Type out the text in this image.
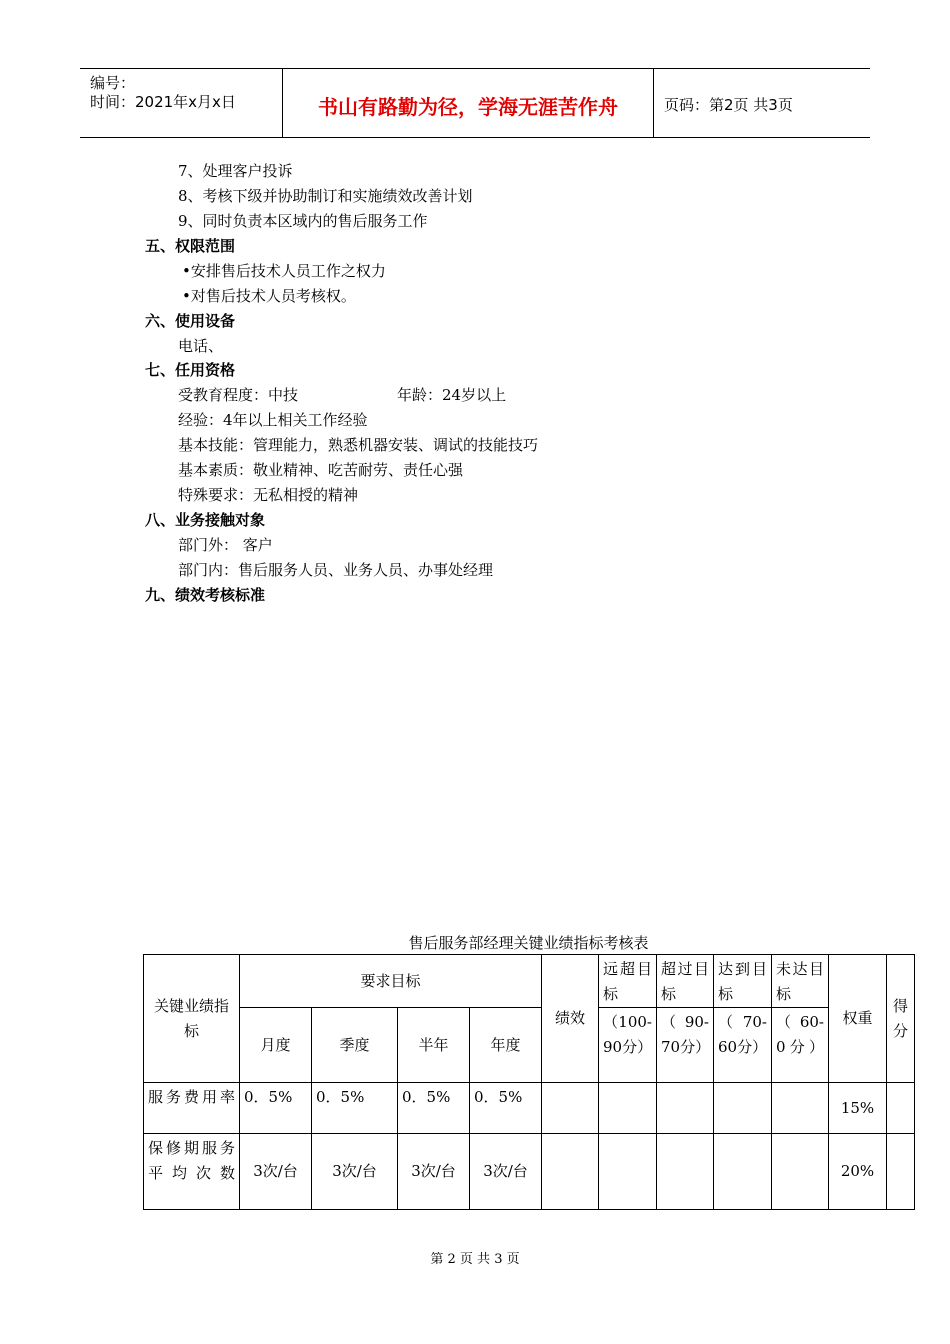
编号：
时间：2021年x月x日	书山有路勤为径，学海无涯苦作舟	页码：第2页 共3页
7、处理客户投诉
8、考核下级并协助制订和实施绩效改善计划
9、同时负责本区域内的售后服务工作
五、权限范围
•安排售后技术人员工作之权力
•对售后技术人员考核权。
六、使用设备
电话、
七、任用资格
受教育程度：中技	年龄：24岁以上
经验：4年以上相关工作经验
基本技能：管理能力，熟悉机器安装、调试的技能技巧
基本素质：敬业精神、吃苦耐劳、责任心强
特殊要求：无私相授的精神
八、业务接触对象
部门外： 客户
部门内：售后服务人员、业务人员、办事处经理
九、绩效考核标准
售后服务部经理关键业绩指标考核表
关键业绩指标	要求目标				绩效	远超目标	超过目标	达到目标	未达目标	权重	得分
	月度	季度	半年	年度		（100-90分）	（90-70分）	（70-60分）	（60-0分）		
服务费用率	0．5%	0．5%	0．5%	0．5%						15%	
保修期服务平均次数	3次/台	3次/台	3次/台	3次/台						20%	
第 2 页 共 3 页
